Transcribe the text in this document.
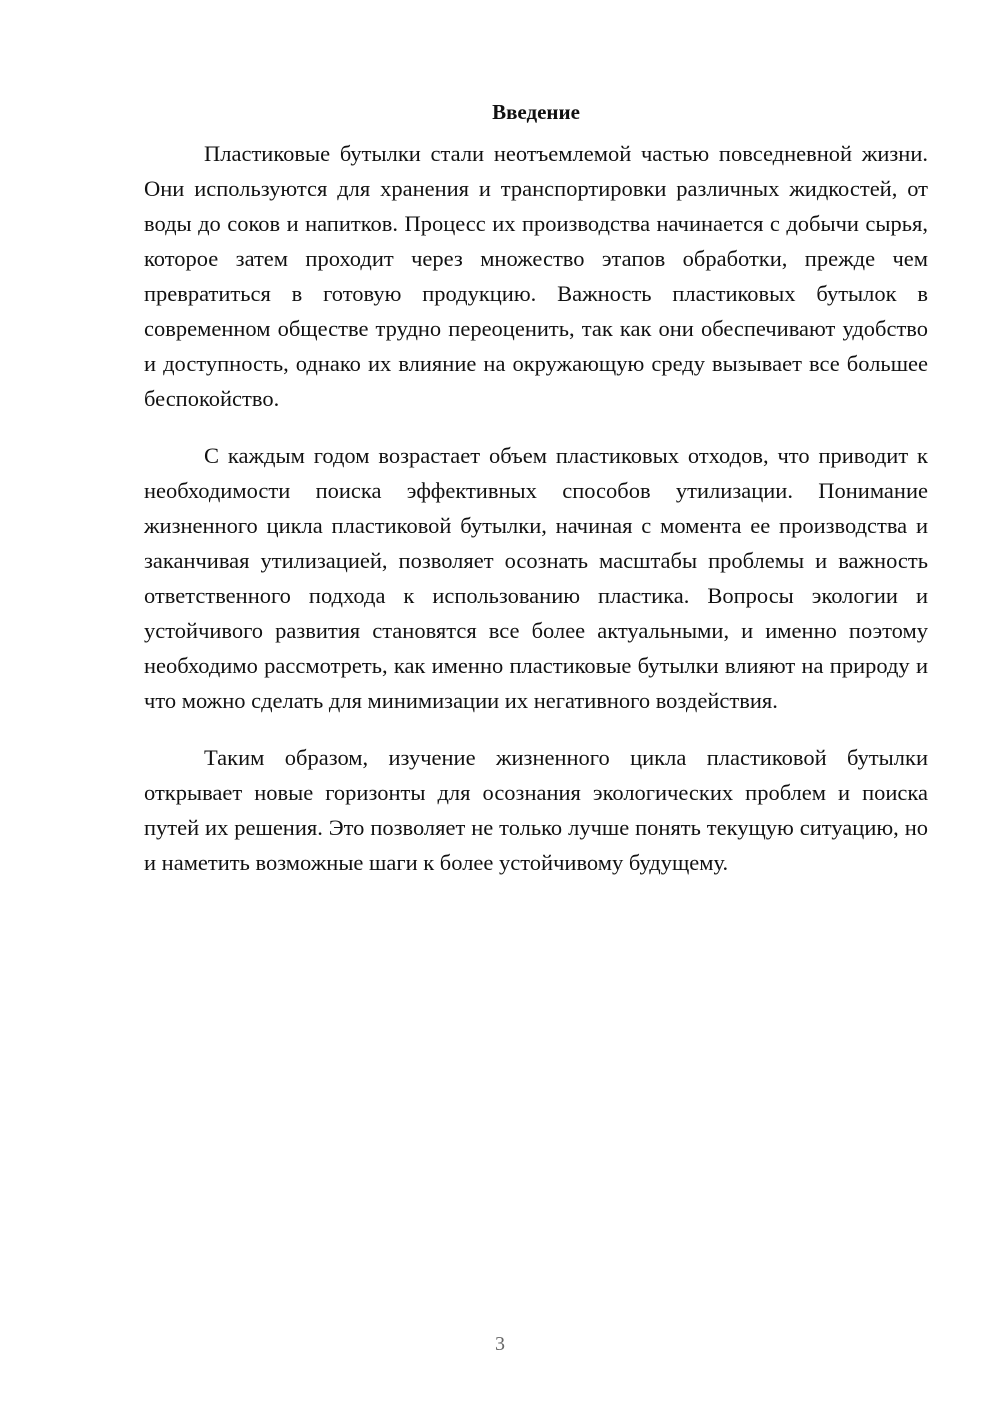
Введение

Пластиковые бутылки стали неотъемлемой частью повседневной жизни. Они используются для хранения и транспортировки различных жидкостей, от воды до соков и напитков. Процесс их производства начинается с добычи сырья, которое затем проходит через множество этапов обработки, прежде чем превратиться в готовую продукцию. Важность пластиковых бутылок в современном обществе трудно переоценить, так как они обеспечивают удобство и доступность, однако их влияние на окружающую среду вызывает все большее беспокойство.

С каждым годом возрастает объем пластиковых отходов, что приводит к необходимости поиска эффективных способов утилизации. Понимание жизненного цикла пластиковой бутылки, начиная с момента ее производства и заканчивая утилизацией, позволяет осознать масштабы проблемы и важность ответственного подхода к использованию пластика. Вопросы экологии и устойчивого развития становятся все более актуальными, и именно поэтому необходимо рассмотреть, как именно пластиковые бутылки влияют на природу и что можно сделать для минимизации их негативного воздействия.

Таким образом, изучение жизненного цикла пластиковой бутылки открывает новые горизонты для осознания экологических проблем и поиска путей их решения. Это позволяет не только лучше понять текущую ситуацию, но и наметить возможные шаги к более устойчивому будущему.

3
